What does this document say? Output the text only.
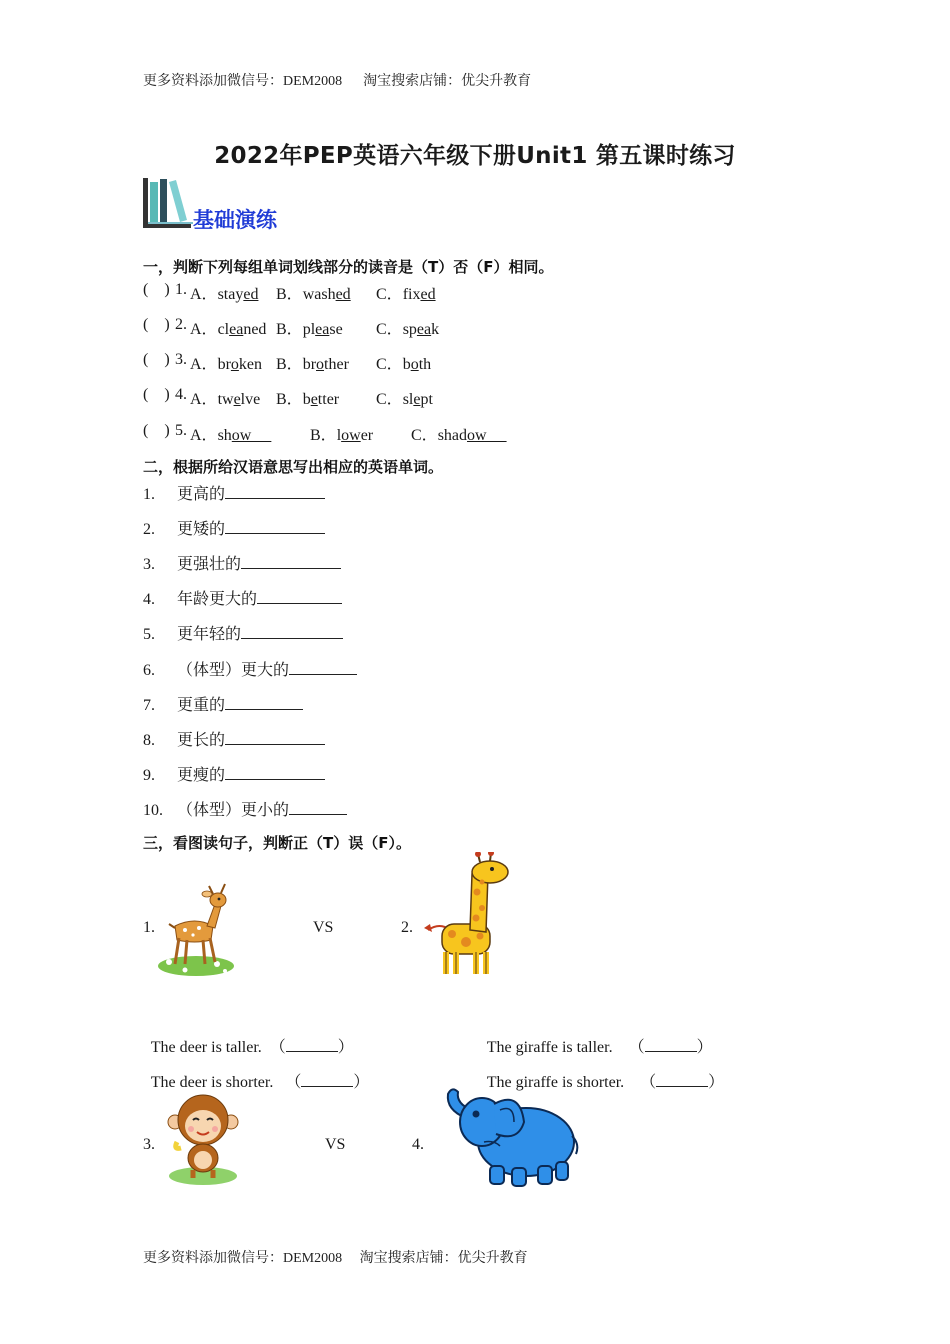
更多资料添加微信号：DEM2008      淘宝搜索店铺：优尖升教育
2022年PEP英语六年级下册Unit1 第五课时练习
基础演练
一，判断下列每组单词划线部分的读音是（T）否（F）相同。
(    ) 1. A．stayed B．washed C．fixed
(    ) 2. A．cleaned B．please C．speak
(    ) 3. A．broken B．brother C．both
(    ) 4. A．twelve B．better C．slept
(    ) 5. A．show B．lower C．shadow
二，根据所给汉语意思写出相应的英语单词。
1. 更高的
2. 更矮的
3. 更强壮的
4. 年龄更大的
5. 更年轻的
6. （体型）更大的
7. 更重的
8. 更长的
9. 更瘦的
10. （体型）更小的
三，看图读句子，判断正（T）误（F）。
1.	VS	2.

The deer is taller. （	）

The deer is shorter. （	）

The giraffe is taller. （	）

The giraffe is shorter. （	）

3.	VS	4.
更多资料添加微信号：DEM2008     淘宝搜索店铺：优尖升教育
